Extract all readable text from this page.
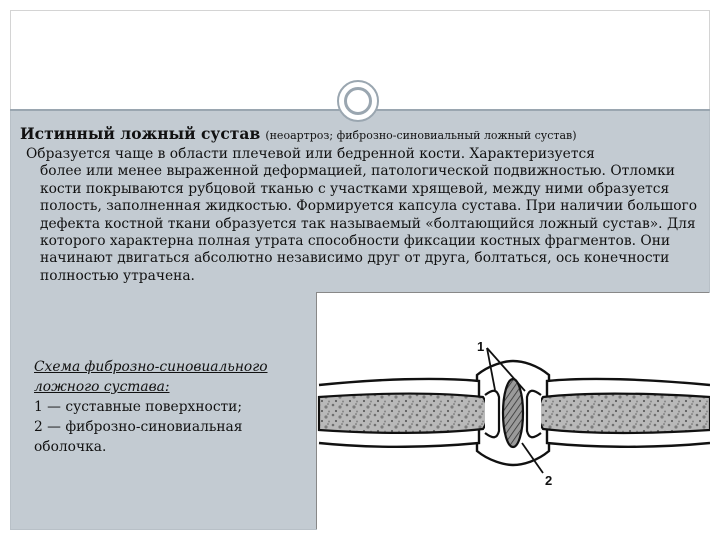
Истинный ложный сустав (неоартроз; фиброзно-синовиальный ложный сустав)
Образуется чаще в области плечевой или бедренной кости. Характеризуется
более или менее выраженной деформацией, патологической подвижностью. Отломки кости покрываются рубцовой тканью с участками хрящевой, между ними образуется полость, заполненная жидкостью. Формируется капсула сустава. При наличии большого дефекта костной ткани образуется так называемый «болтающийся ложный сустав». Для которого характерна полная утрата способности фиксации костных фрагментов. Они начинают двигаться абсолютно независимо друг от друга, болтаться, ось конечности полностью утрачена.
Схема фиброзно-синовиального
ложного сустава:
1 — суставные поверхности;
2 — фиброзно-синовиальная
оболочка.
1
2
